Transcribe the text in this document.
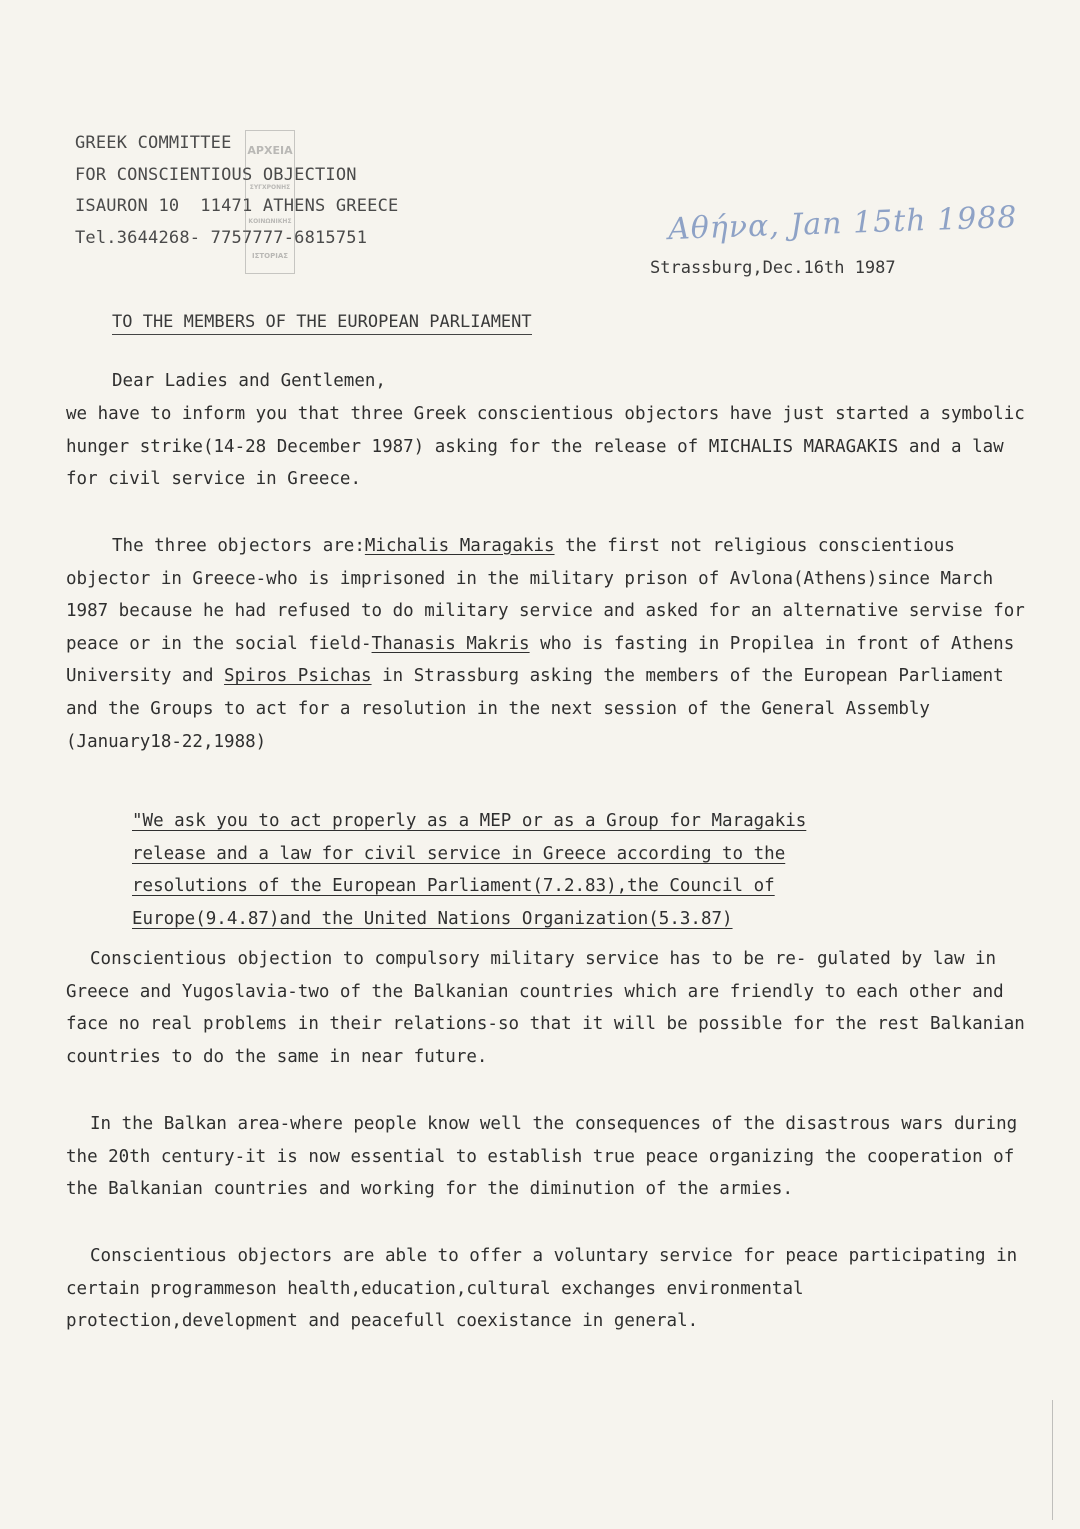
GREEK COMMITTEE
FOR CONSCIENTIOUS OBJECTION
ISAURON 10  11471 ATHENS GREECE
Tel.3644268- 7757777-6815751
ΑΡΧΕΙΑ
ΣΥΓΧΡΟΝΗΣ
ΚΟΙΝΩΝΙΚΗΣ
ΙΣΤΟΡΙΑΣ
Αθήνα, Jan 15th 1988
Strassburg,Dec.16th 1987
TO THE MEMBERS OF THE EUROPEAN PARLIAMENT
Dear Ladies and Gentlemen,

we have to inform you that three Greek conscientious objectors have just started a symbolic hunger strike(14-28 December 1987) asking for the release of MICHALIS MARAGAKIS and a law for civil service in Greece.

The three objectors are:Michalis Maragakis the first not religious conscientious objector in Greece-who is imprisoned in the military prison of Avlona(Athens)since March 1987 because he had refused to do military service and asked for an alternative servise for peace or in the social field-Thanasis Makris who is fasting in Propilea in front of Athens University and Spiros Psichas in Strassburg asking the members of the European Parliament and the Groups to act for a resolution in the next session of the General Assembly (January18-22,1988)

"We ask you to act properly as a MEP or as a Group for Maragakis
release and a law for civil service in Greece according to the
resolutions of the European Parliament(7.2.83),the Council of
Europe(9.4.87)and the United Nations Organization(5.3.87)

Conscientious objection to compulsory military service has to be re- gulated by law in Greece and Yugoslavia-two of the Balkanian countries which are friendly to each other and face no real problems in their relations-so that it will be possible for the rest Balkanian countries to do the same in near future.

In the Balkan area-where people know well the consequences of the disastrous wars during the 20th century-it is now essential to establish true peace organizing the cooperation of the Balkanian countries and working for the diminution of the armies.

Conscientious objectors are able to offer a voluntary service for peace participating in certain programmeson health,education,cultural exchanges environmental protection,development and peacefull coexistance in general.
